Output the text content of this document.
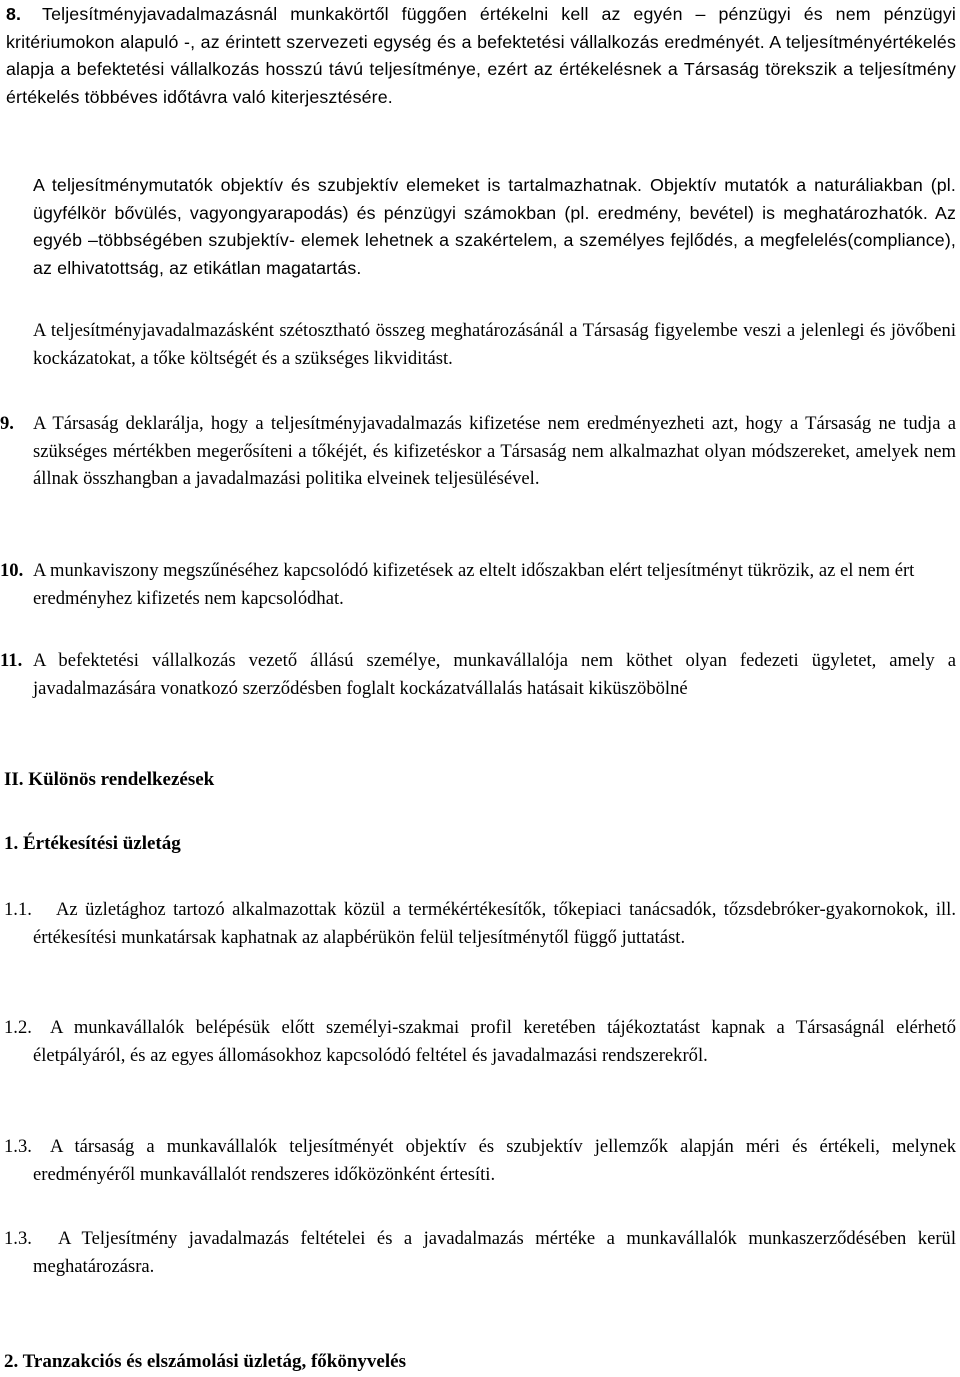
8. Teljesítményjavadalmazásnál munkakörtől függően értékelni kell az egyén – pénzügyi és nem pénzügyi kritériumokon alapuló -, az érintett szervezeti egység és a befektetési vállalkozás eredményét. A teljesítményértékelés alapja a befektetési vállalkozás hosszú távú teljesítménye, ezért az értékelésnek a Társaság törekszik a teljesítmény értékelés többéves időtávra való kiterjesztésére.
A teljesítménymutatók objektív és szubjektív elemeket is tartalmazhatnak. Objektív mutatók a naturáliakban (pl. ügyfélkör bővülés, vagyongyarapodás) és pénzügyi számokban (pl. eredmény, bevétel) is meghatározhatók. Az egyéb –többségében szubjektív- elemek lehetnek a szakértelem, a személyes fejlődés, a megfelelés(compliance), az elhivatottság, az etikátlan magatartás.
A teljesítményjavadalmazásként szétosztható összeg meghatározásánál a Társaság figyelembe veszi a jelenlegi és jövőbeni kockázatokat, a tőke költségét és a szükséges likviditást.
9. A Társaság deklarálja, hogy a teljesítményjavadalmazás kifizetése nem eredményezheti azt, hogy a Társaság ne tudja a szükséges mértékben megerősíteni a tőkéjét, és kifizetéskor a Társaság nem alkalmazhat olyan módszereket, amelyek nem állnak összhangban a javadalmazási politika elveinek teljesülésével.
10. A munkaviszony megszűnéséhez kapcsolódó kifizetések az eltelt időszakban elért teljesítményt tükrözik, az el nem ért eredményhez kifizetés nem kapcsolódhat.
11. A befektetési vállalkozás vezető állású személye, munkavállalója nem köthet olyan fedezeti ügyletet, amely a javadalmazására vonatkozó szerződésben foglalt kockázatvállalás hatásait kiküszöbölné
II. Különös rendelkezések
1. Értékesítési üzletág
1.1. Az üzletághoz tartozó alkalmazottak közül a termékértékesítők, tőkepiaci tanácsadók, tőzsdebróker-gyakornokok, ill. értékesítési munkatársak kaphatnak az alapbérükön felül teljesítménytől függő juttatást.
1.2. A munkavállalók belépésük előtt személyi-szakmai profil keretében tájékoztatást kapnak a Társaságnál elérhető életpályáról, és az egyes állomásokhoz kapcsolódó feltétel és javadalmazási rendszerekről.
1.3. A társaság a munkavállalók teljesítményét objektív és szubjektív jellemzők alapján méri és értékeli, melynek eredményéről munkavállalót rendszeres időközönként értesíti.
1.3. A Teljesítmény javadalmazás feltételei és a javadalmazás mértéke a munkavállalók munkaszerződésében kerül meghatározásra.
2. Tranzakciós és elszámolási üzletág, főkönyvelés
